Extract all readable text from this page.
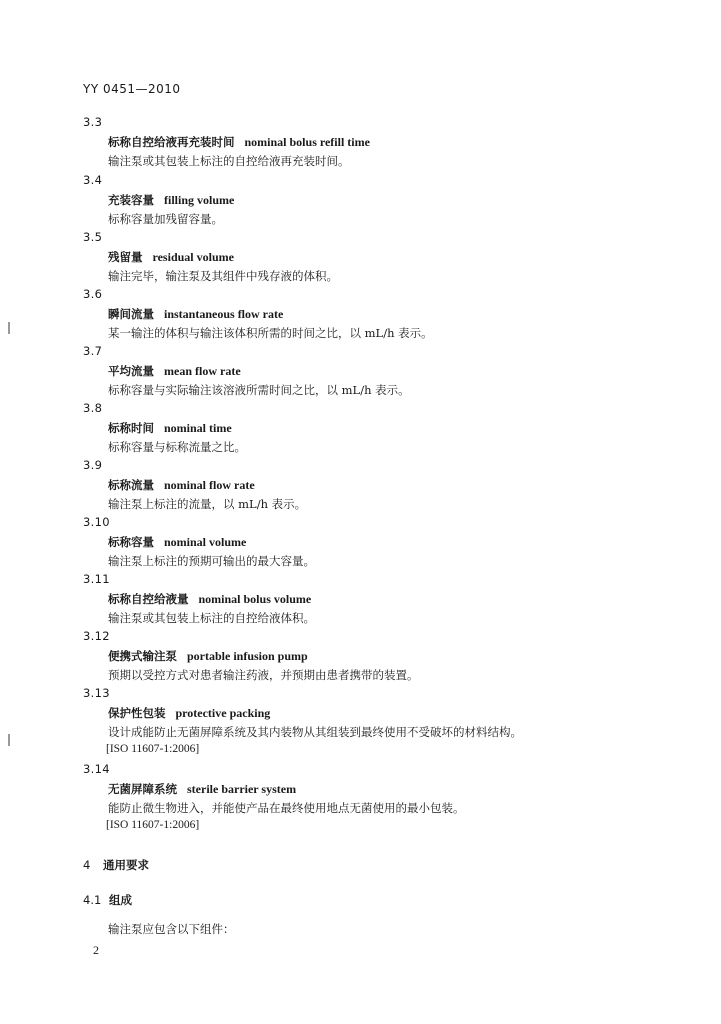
YY 0451—2010
3.3
标称自控给液再充装时间 nominal bolus refill time
输注泵或其包装上标注的自控给液再充装时间。
3.4
充装容量 filling volume
标称容量加残留容量。
3.5
残留量 residual volume
输注完毕，输注泵及其组件中残存液的体积。
3.6
瞬间流量 instantaneous flow rate
某一输注的体积与输注该体积所需的时间之比，以 mL/h 表示。
3.7
平均流量 mean flow rate
标称容量与实际输注该溶液所需时间之比，以 mL/h 表示。
3.8
标称时间 nominal time
标称容量与标称流量之比。
3.9
标称流量 nominal flow rate
输注泵上标注的流量，以 mL/h 表示。
3.10
标称容量 nominal volume
输注泵上标注的预期可输出的最大容量。
3.11
标称自控给液量 nominal bolus volume
输注泵或其包装上标注的自控给液体积。
3.12
便携式输注泵 portable infusion pump
预期以受控方式对患者输注药液，并预期由患者携带的装置。
3.13
保护性包装 protective packing
设计成能防止无菌屏障系统及其内装物从其组装到最终使用不受破坏的材料结构。
[ISO 11607-1:2006]
3.14
无菌屏障系统 sterile barrier system
能防止微生物进入，并能使产品在最终使用地点无菌使用的最小包装。
[ISO 11607-1:2006]
4 通用要求
4.1 组成
输注泵应包含以下组件：
2
